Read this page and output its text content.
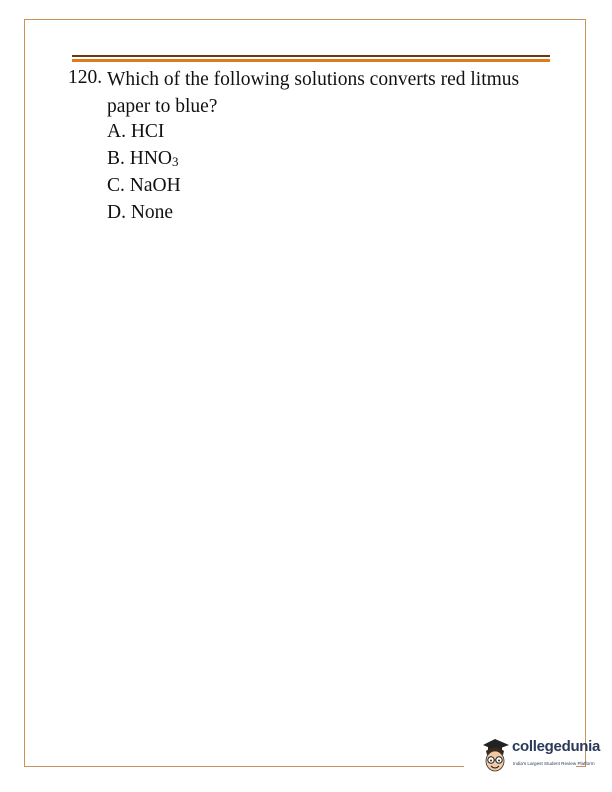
120. Which of the following solutions converts red litmus paper to blue?
A. HCI
B. HNO3
C. NaOH
D. None
collegedunia
India's Largest Student Review Platform
